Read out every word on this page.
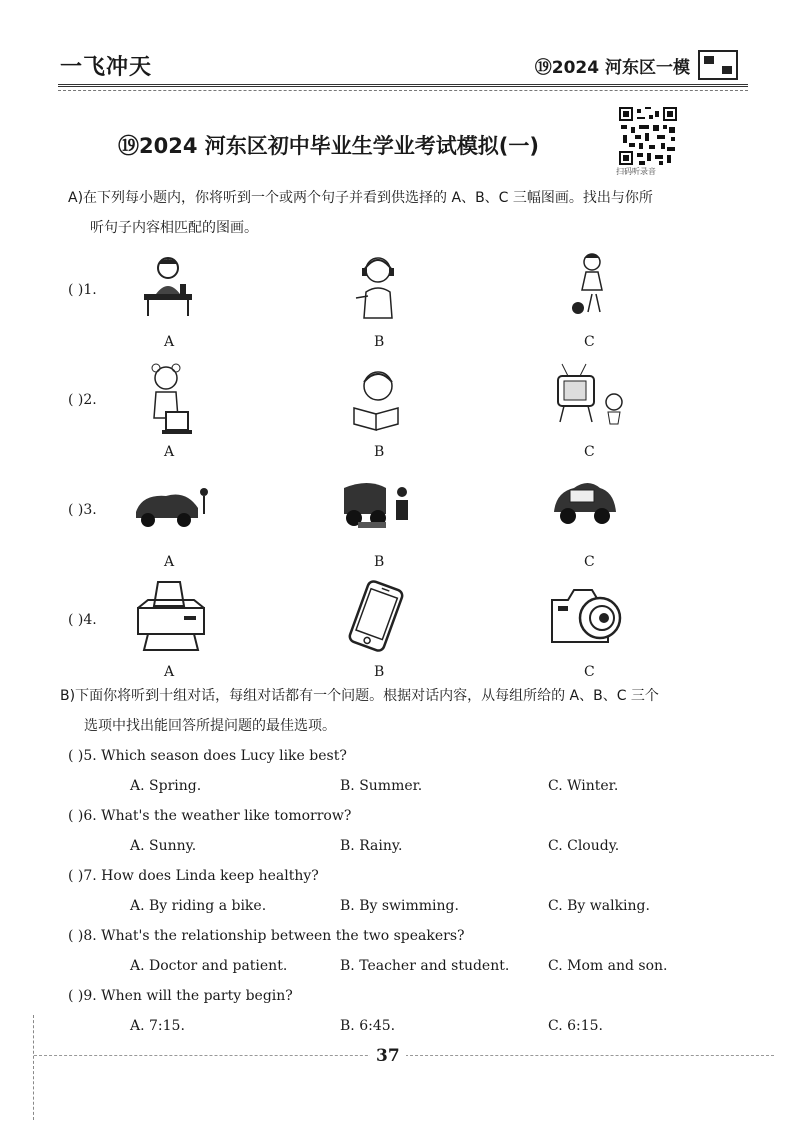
一飞冲天	⑲2024 河东区一模
⑲2024 河东区初中毕业生学业考试模拟(一)
扫码听录音
A)在下列每小题内，你将听到一个或两个句子并看到供选择的 A、B、C 三幅图画。找出与你所
听句子内容相匹配的图画。
( )1.
A	B	C
( )2.
A	B	C
( )3.
A	B	C
( )4.
A	B	C
B)下面你将听到十组对话，每组对话都有一个问题。根据对话内容，从每组所给的 A、B、C 三个
选项中找出能回答所提问题的最佳选项。
( )5. Which season does Lucy like best?
A. Spring.	B. Summer.	C. Winter.
( )6. What's the weather like tomorrow?
A. Sunny.	B. Rainy.	C. Cloudy.
( )7. How does Linda keep healthy?
A. By riding a bike.	B. By swimming.	C. By walking.
( )8. What's the relationship between the two speakers?
A. Doctor and patient.	B. Teacher and student.	C. Mom and son.
( )9. When will the party begin?
A. 7:15.	B. 6:45.	C. 6:15.
37
